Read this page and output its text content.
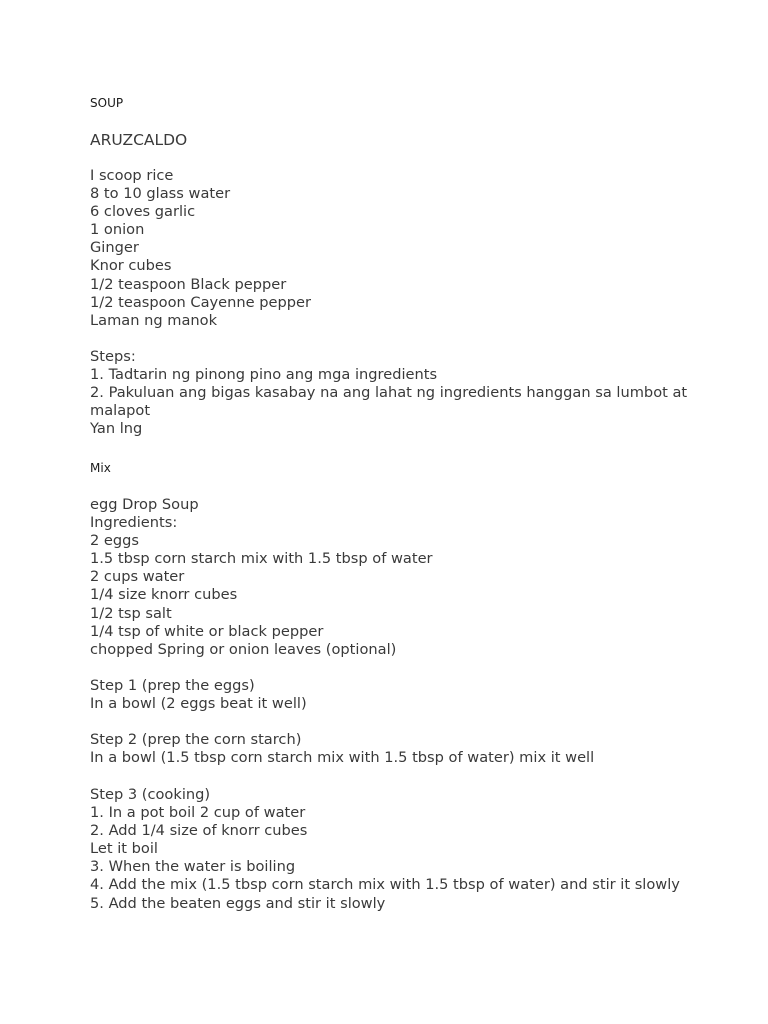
SOUP

ARUZCALDO

I scoop rice
8 to 10 glass water
6 cloves garlic
1 onion
Ginger
Knor cubes
1/2 teaspoon Black pepper
1/2 teaspoon Cayenne pepper
Laman ng manok
Steps:
1. Tadtarin ng pinong pino ang mga ingredients
2. Pakuluan ang bigas kasabay na ang lahat ng ingredients hanggan sa lumbot at malapot
Yan lng

Mix

egg Drop Soup
Ingredients:
2 eggs
1.5 tbsp corn starch mix with 1.5 tbsp of water
2 cups water
1/4 size knorr cubes
1/2 tsp salt
1/4 tsp of white or black pepper
chopped Spring or onion leaves (optional)
Step 1 (prep the eggs)
In a bowl (2 eggs beat it well)
Step 2 (prep the corn starch)
In a bowl (1.5 tbsp corn starch mix with 1.5 tbsp of water) mix it well
Step 3 (cooking)
1. In a pot boil 2 cup of water
2. Add 1/4 size of knorr cubes
Let it boil
3. When the water is boiling
4. Add the mix (1.5 tbsp corn starch mix with 1.5 tbsp of water) and stir it slowly
5. Add the beaten eggs and stir it slowly
